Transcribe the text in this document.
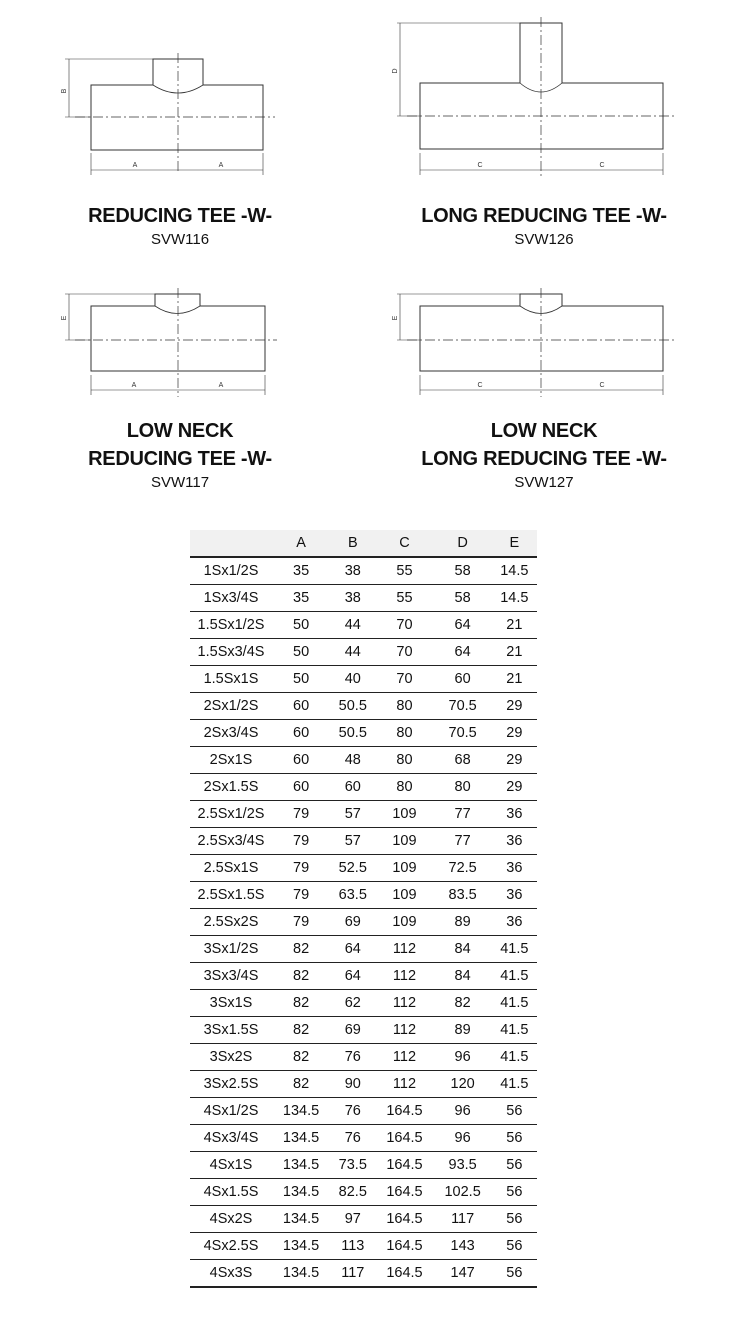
B
A	A
D
C	C
E
A	A
E
C	C
REDUCING TEE -W-
SVW116
LONG REDUCING TEE -W-
SVW126
LOW NECK
REDUCING TEE -W-
SVW117
LOW NECK
LONG REDUCING TEE -W-
SVW127
	A	B	C	D	E
1Sx1/2S	35	38	55	58	14.5
1Sx3/4S	35	38	55	58	14.5
1.5Sx1/2S	50	44	70	64	21
1.5Sx3/4S	50	44	70	64	21
1.5Sx1S	50	40	70	60	21
2Sx1/2S	60	50.5	80	70.5	29
2Sx3/4S	60	50.5	80	70.5	29
2Sx1S	60	48	80	68	29
2Sx1.5S	60	60	80	80	29
2.5Sx1/2S	79	57	109	77	36
2.5Sx3/4S	79	57	109	77	36
2.5Sx1S	79	52.5	109	72.5	36
2.5Sx1.5S	79	63.5	109	83.5	36
2.5Sx2S	79	69	109	89	36
3Sx1/2S	82	64	112	84	41.5
3Sx3/4S	82	64	112	84	41.5
3Sx1S	82	62	112	82	41.5
3Sx1.5S	82	69	112	89	41.5
3Sx2S	82	76	112	96	41.5
3Sx2.5S	82	90	112	120	41.5
4Sx1/2S	134.5	76	164.5	96	56
4Sx3/4S	134.5	76	164.5	96	56
4Sx1S	134.5	73.5	164.5	93.5	56
4Sx1.5S	134.5	82.5	164.5	102.5	56
4Sx2S	134.5	97	164.5	117	56
4Sx2.5S	134.5	113	164.5	143	56
4Sx3S	134.5	117	164.5	147	56
